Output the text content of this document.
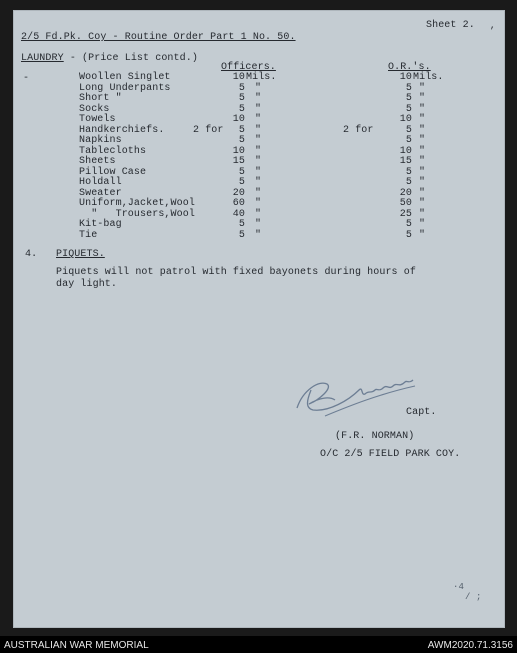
Sheet 2. ,
2/5 Fd.Pk. Coy - Routine Order Part 1 No. 50.
LAUNDRY - (Price List contd.)
Officers.	O.R.'s.
-	Woollen Singlet	10 Mils.	10 Mils.
Long Underpants	5 "	5 "
Short "	5 "	5 "
Socks	5 "	5 "
Towels	10 "	10 "
Handkerchiefs.	2 for	5 "	2 for	5 "
Napkins	5 "	5 "
Tablecloths	10 "	10 "
Sheets	15 "	15 "
Pillow Case	5 "	5 "
Holdall	5 "	5 "
Sweater	20 "	20 "
Uniform,Jacket,Wool	60 "	50 "
"   Trousers,Wool	40 "	25 "
Kit-bag	5 "	5 "
Tie	5 "	5 "
4. PIQUETS.
Piquets will not patrol with fixed bayonets during hours of
day light.
Capt.
(F.R. NORMAN)
O/C 2/5 FIELD PARK COY.
·4
/ ;
AUSTRALIAN WAR MEMORIAL	AWM2020.71.3156
